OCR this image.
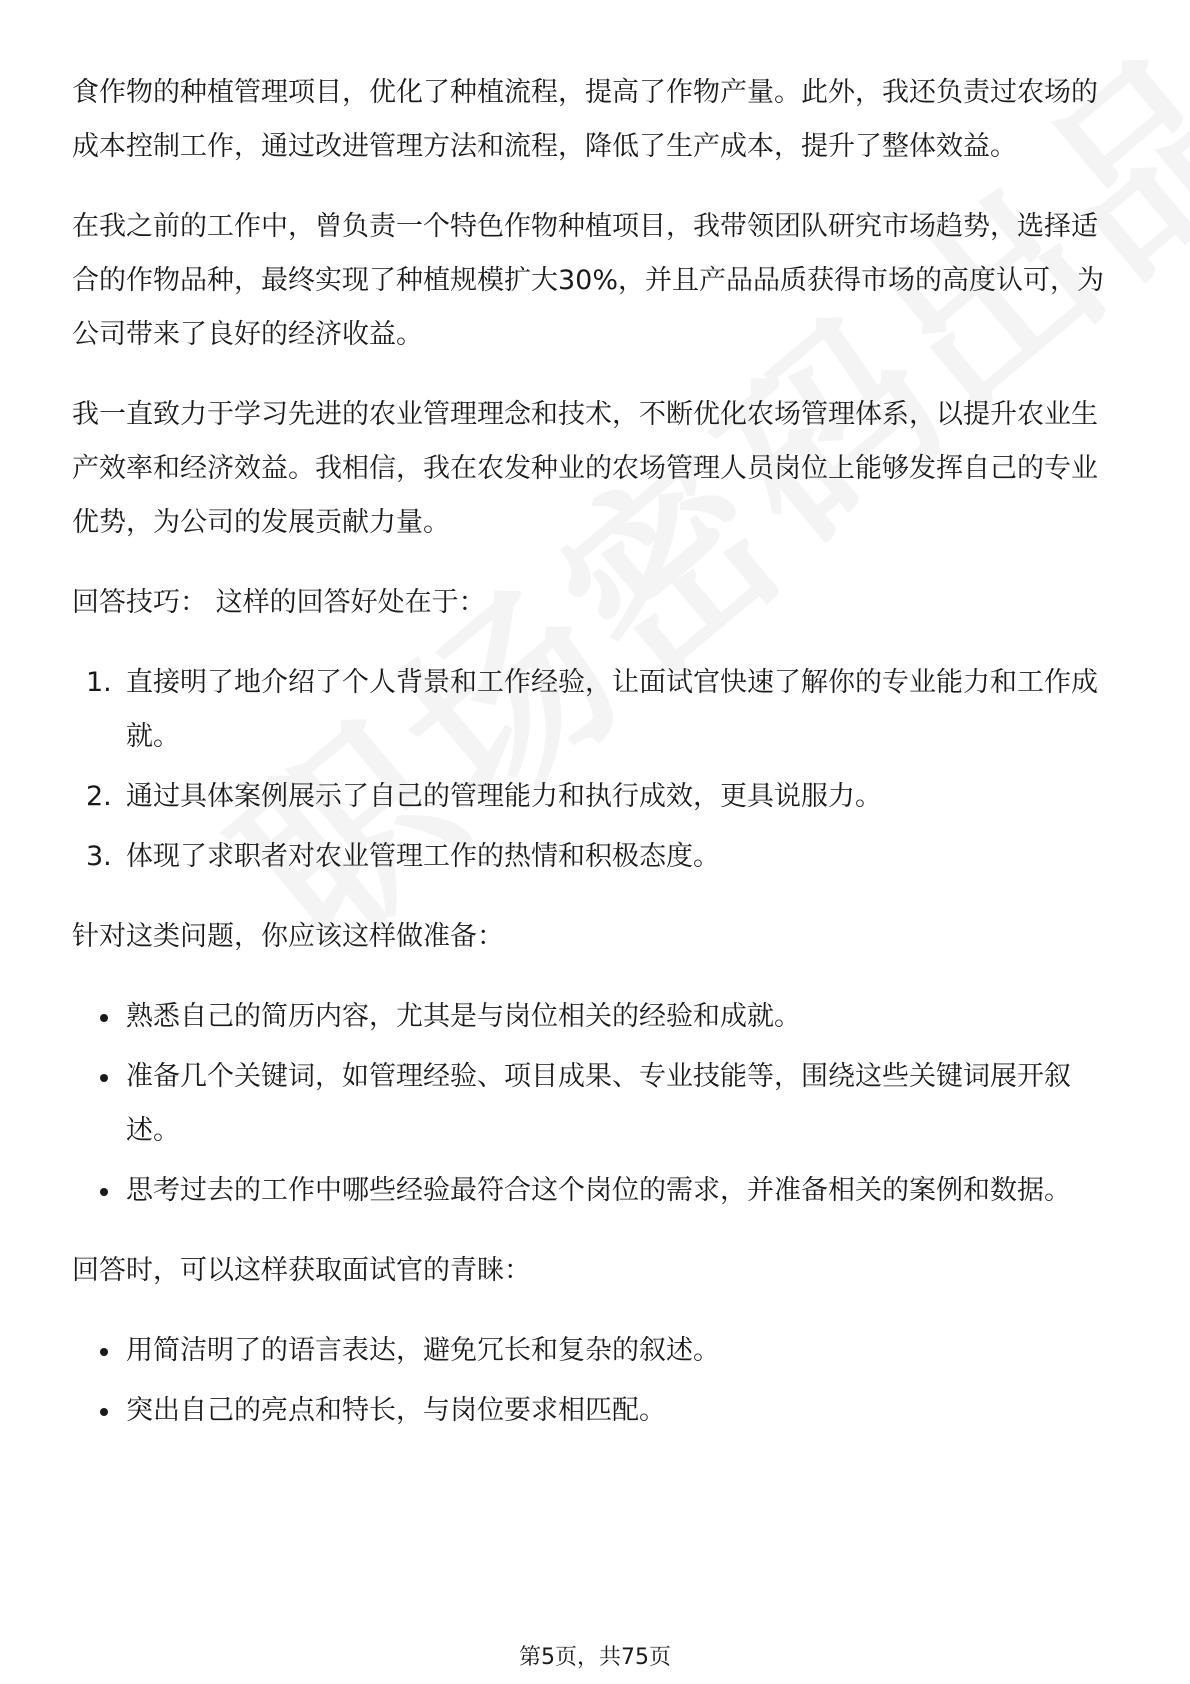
食作物的种植管理项目，优化了种植流程，提高了作物产量。此外，我还负责过农场的成本控制工作，通过改进管理方法和流程，降低了生产成本，提升了整体效益。

在我之前的工作中，曾负责一个特色作物种植项目，我带领团队研究市场趋势，选择适合的作物品种，最终实现了种植规模扩大30%，并且产品品质获得市场的高度认可，为公司带来了良好的经济收益。

我一直致力于学习先进的农业管理理念和技术，不断优化农场管理体系，以提升农业生产效率和经济效益。我相信，我在农发种业的农场管理人员岗位上能够发挥自己的专业优势，为公司的发展贡献力量。

回答技巧： 这样的回答好处在于：

1. 直接明了地介绍了个人背景和工作经验，让面试官快速了解你的专业能力和工作成就。
2. 通过具体案例展示了自己的管理能力和执行成效，更具说服力。
3. 体现了求职者对农业管理工作的热情和积极态度。

针对这类问题，你应该这样做准备：

熟悉自己的简历内容，尤其是与岗位相关的经验和成就。
准备几个关键词，如管理经验、项目成果、专业技能等，围绕这些关键词展开叙述。
思考过去的工作中哪些经验最符合这个岗位的需求，并准备相关的案例和数据。

回答时，可以这样获取面试官的青睐：

用简洁明了的语言表达，避免冗长和复杂的叙述。
突出自己的亮点和特长，与岗位要求相匹配。
第5页，共75页
